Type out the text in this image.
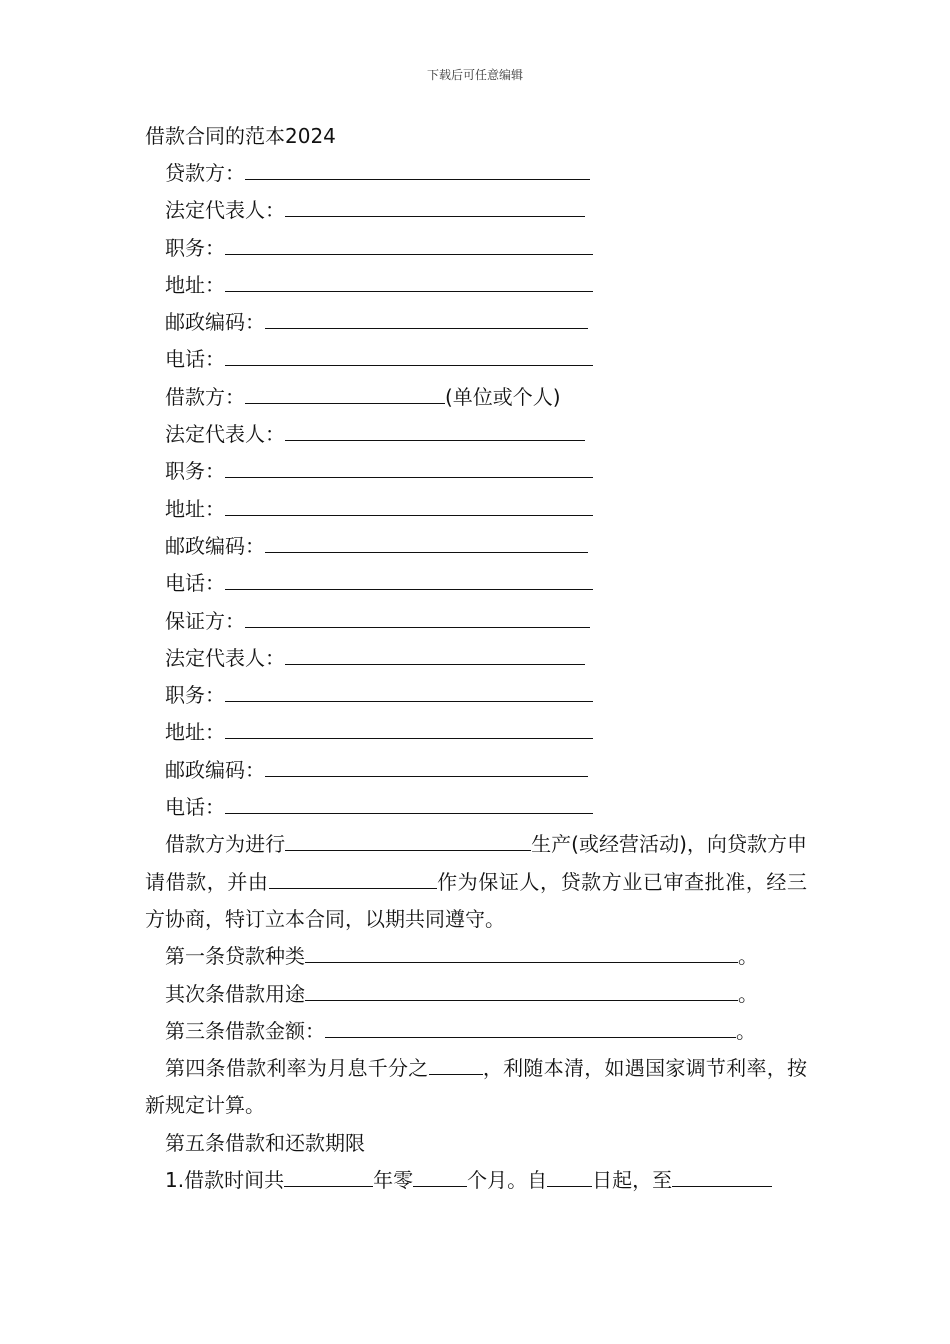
下载后可任意编辑
借款合同的范本2024
贷款方：
法定代表人：
职务：
地址：
邮政编码：
电话：
借款方：	(单位或个人)
法定代表人：
职务：
地址：
邮政编码：
电话：
保证方：
法定代表人：
职务：
地址：
邮政编码：
电话：
借款方为进行	生产(或经营活动)，向贷款方申请借款，并由	作为保证人，贷款方业已审查批准，经三方协商，特订立本合同，以期共同遵守。
第一条贷款种类	。
其次条借款用途	。
第三条借款金额：	。
第四条借款利率为月息千分之	，利随本清，如遇国家调节利率，按新规定计算。
第五条借款和还款期限
1.借款时间共	年零	个月。自 日起，至
